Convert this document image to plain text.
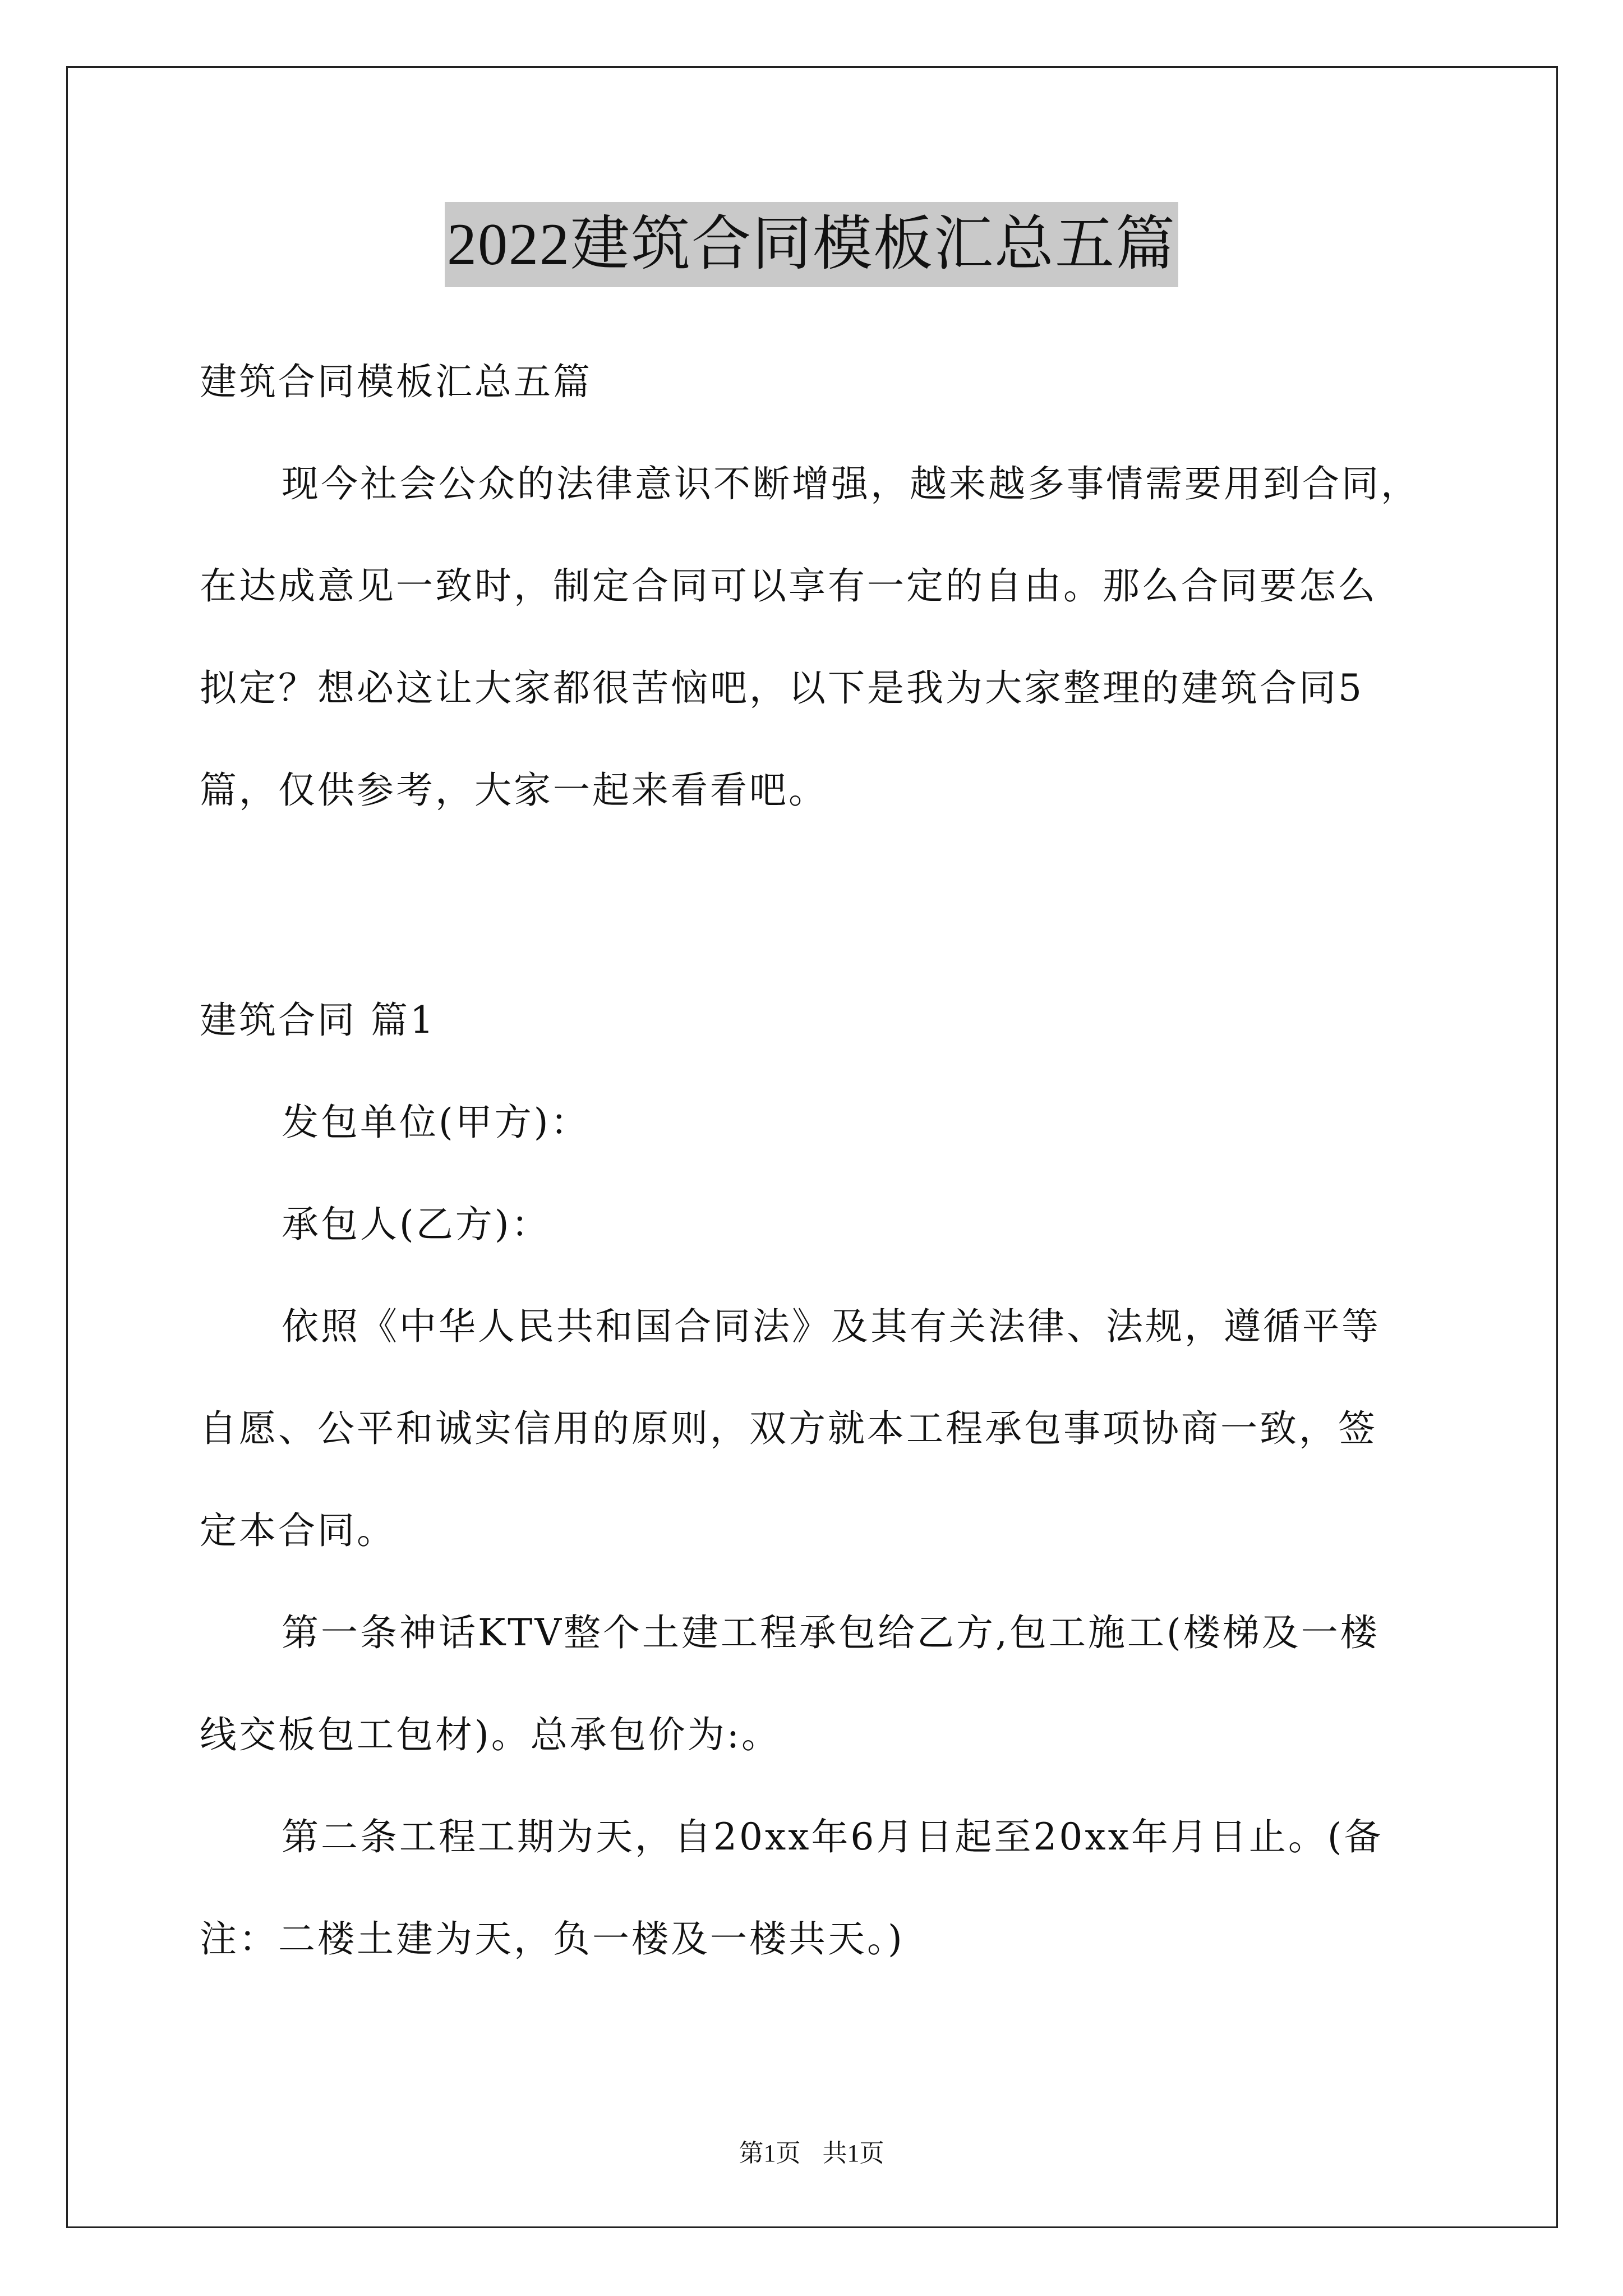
2022建筑合同模板汇总五篇

建筑合同模板汇总五篇

现今社会公众的法律意识不断增强，越来越多事情需要用到合同，

在达成意见一致时，制定合同可以享有一定的自由。那么合同要怎么

拟定？想必这让大家都很苦恼吧，以下是我为大家整理的建筑合同5

篇，仅供参考，大家一起来看看吧。

建筑合同 篇1

发包单位(甲方)：

承包人(乙方)：

依照《中华人民共和国合同法》及其有关法律、法规，遵循平等

自愿、公平和诚实信用的原则，双方就本工程承包事项协商一致，签

定本合同。

第一条神话KTV整个土建工程承包给乙方,包工施工(楼梯及一楼

线交板包工包材)。总承包价为:。

第二条工程工期为天，自20xx年6月日起至20xx年月日止。(备

注：二楼土建为天，负一楼及一楼共天。)

第1页 共1页
